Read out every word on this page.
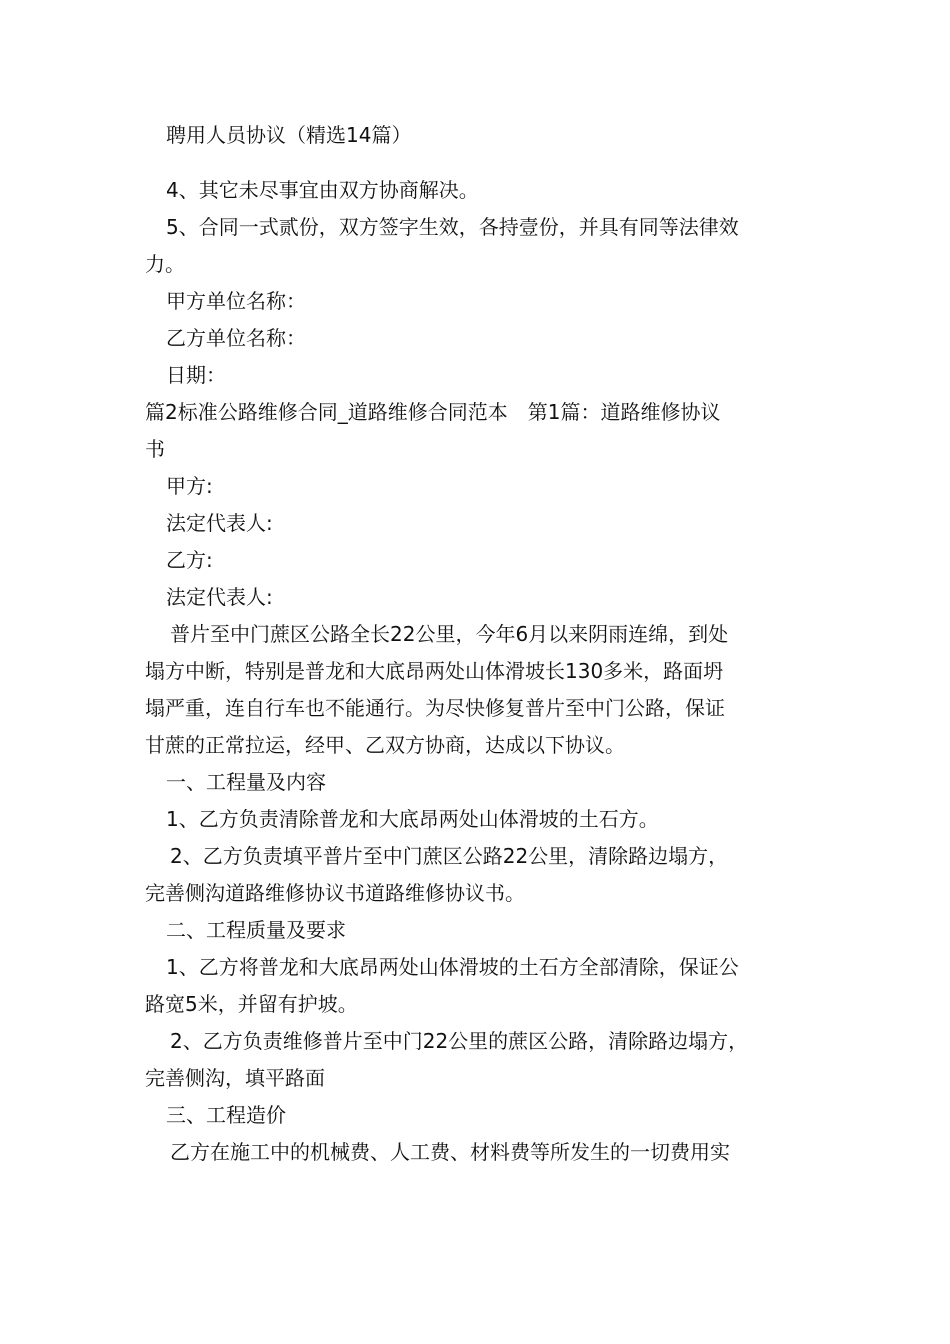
聘用人员协议（精选14篇）
4、其它未尽事宜由双方协商解决。
5、合同一式贰份，双方签字生效，各持壹份，并具有同等法律效
力。
甲方单位名称：
乙方单位名称：
日期：
篇2标准公路维修合同_道路维修合同范本　第1篇：道路维修协议
书
甲方:
法定代表人:
乙方:
法定代表人:
普片至中门蔗区公路全长22公里，今年6月以来阴雨连绵，到处
塌方中断，特别是普龙和大底昂两处山体滑坡长130多米，路面坍
塌严重，连自行车也不能通行。为尽快修复普片至中门公路，保证
甘蔗的正常拉运，经甲、乙双方协商，达成以下协议。
一、工程量及内容
1、乙方负责清除普龙和大底昂两处山体滑坡的土石方。
2、乙方负责填平普片至中门蔗区公路22公里，清除路边塌方，
完善侧沟道路维修协议书道路维修协议书。
二、工程质量及要求
1、乙方将普龙和大底昂两处山体滑坡的土石方全部清除，保证公
路宽5米，并留有护坡。
2、乙方负责维修普片至中门22公里的蔗区公路，清除路边塌方，
完善侧沟，填平路面
三、工程造价
乙方在施工中的机械费、人工费、材料费等所发生的一切费用实
